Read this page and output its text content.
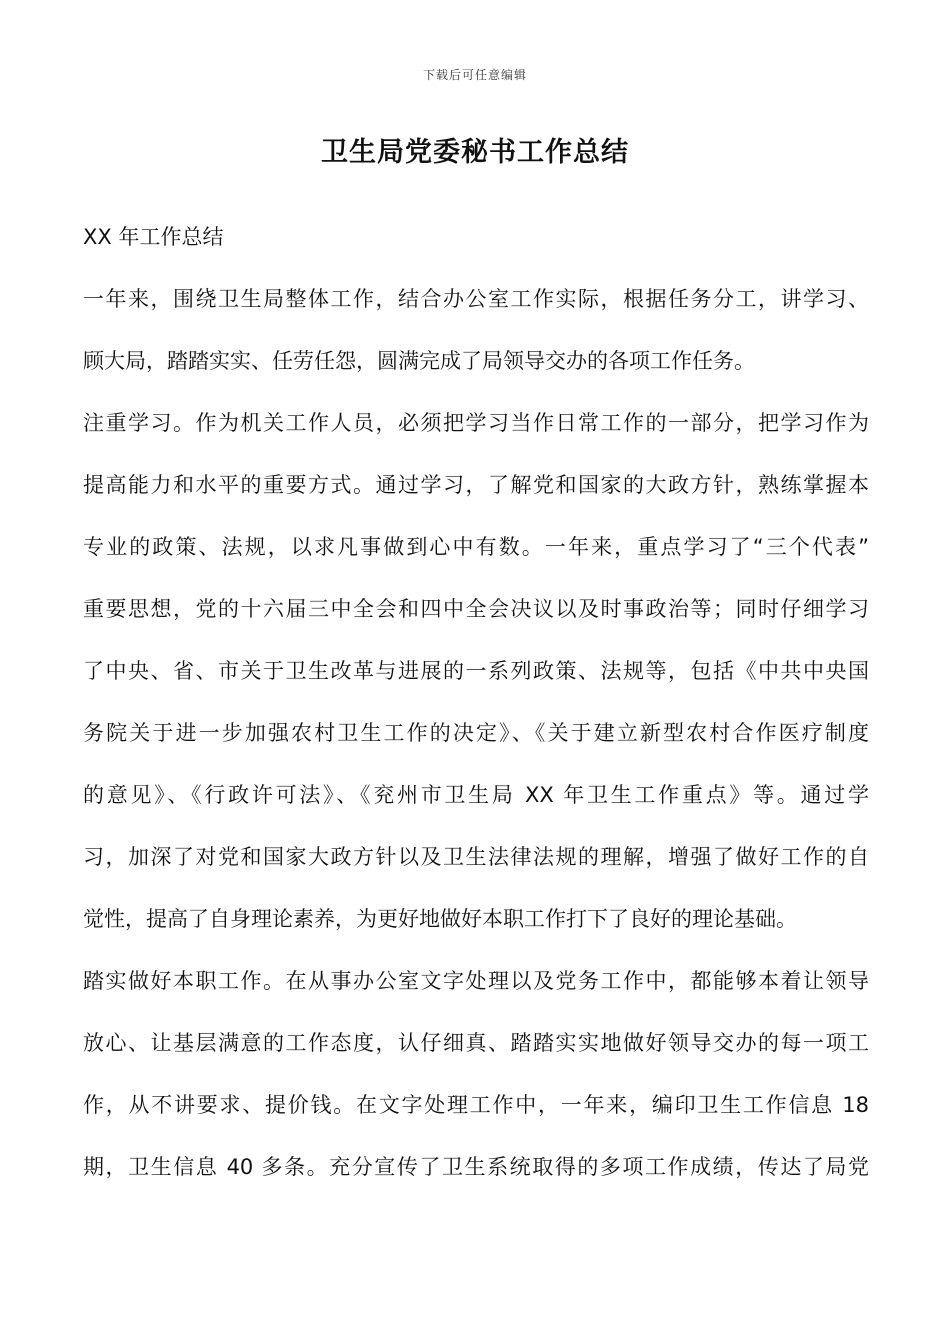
下载后可任意编辑
卫生局党委秘书工作总结

XX 年工作总结

一年来，围绕卫生局整体工作，结合办公室工作实际，根据任务分工，讲学习、
顾大局，踏踏实实、任劳任怨，圆满完成了局领导交办的各项工作任务。

注重学习。作为机关工作人员，必须把学习当作日常工作的一部分，把学习作为
提高能力和水平的重要方式。通过学习，了解党和国家的大政方针，熟练掌握本
专业的政策、法规，以求凡事做到心中有数。一年来，重点学习了“三个代表”
重要思想，党的十六届三中全会和四中全会决议以及时事政治等；同时仔细学习
了中央、省、市关于卫生改革与进展的一系列政策、法规等，包括《中共中央国
务院关于进一步加强农村卫生工作的决定》、《关于建立新型农村合作医疗制度
的意见》、《行政许可法》、《兖州市卫生局 XX 年卫生工作重点》等。通过学
习，加深了对党和国家大政方针以及卫生法律法规的理解，增强了做好工作的自
觉性，提高了自身理论素养，为更好地做好本职工作打下了良好的理论基础。

踏实做好本职工作。在从事办公室文字处理以及党务工作中，都能够本着让领导
放心、让基层满意的工作态度，认仔细真、踏踏实实地做好领导交办的每一项工
作，从不讲要求、提价钱。在文字处理工作中，一年来，编印卫生工作信息 18
期，卫生信息 40 多条。充分宣传了卫生系统取得的多项工作成绩，传达了局党
